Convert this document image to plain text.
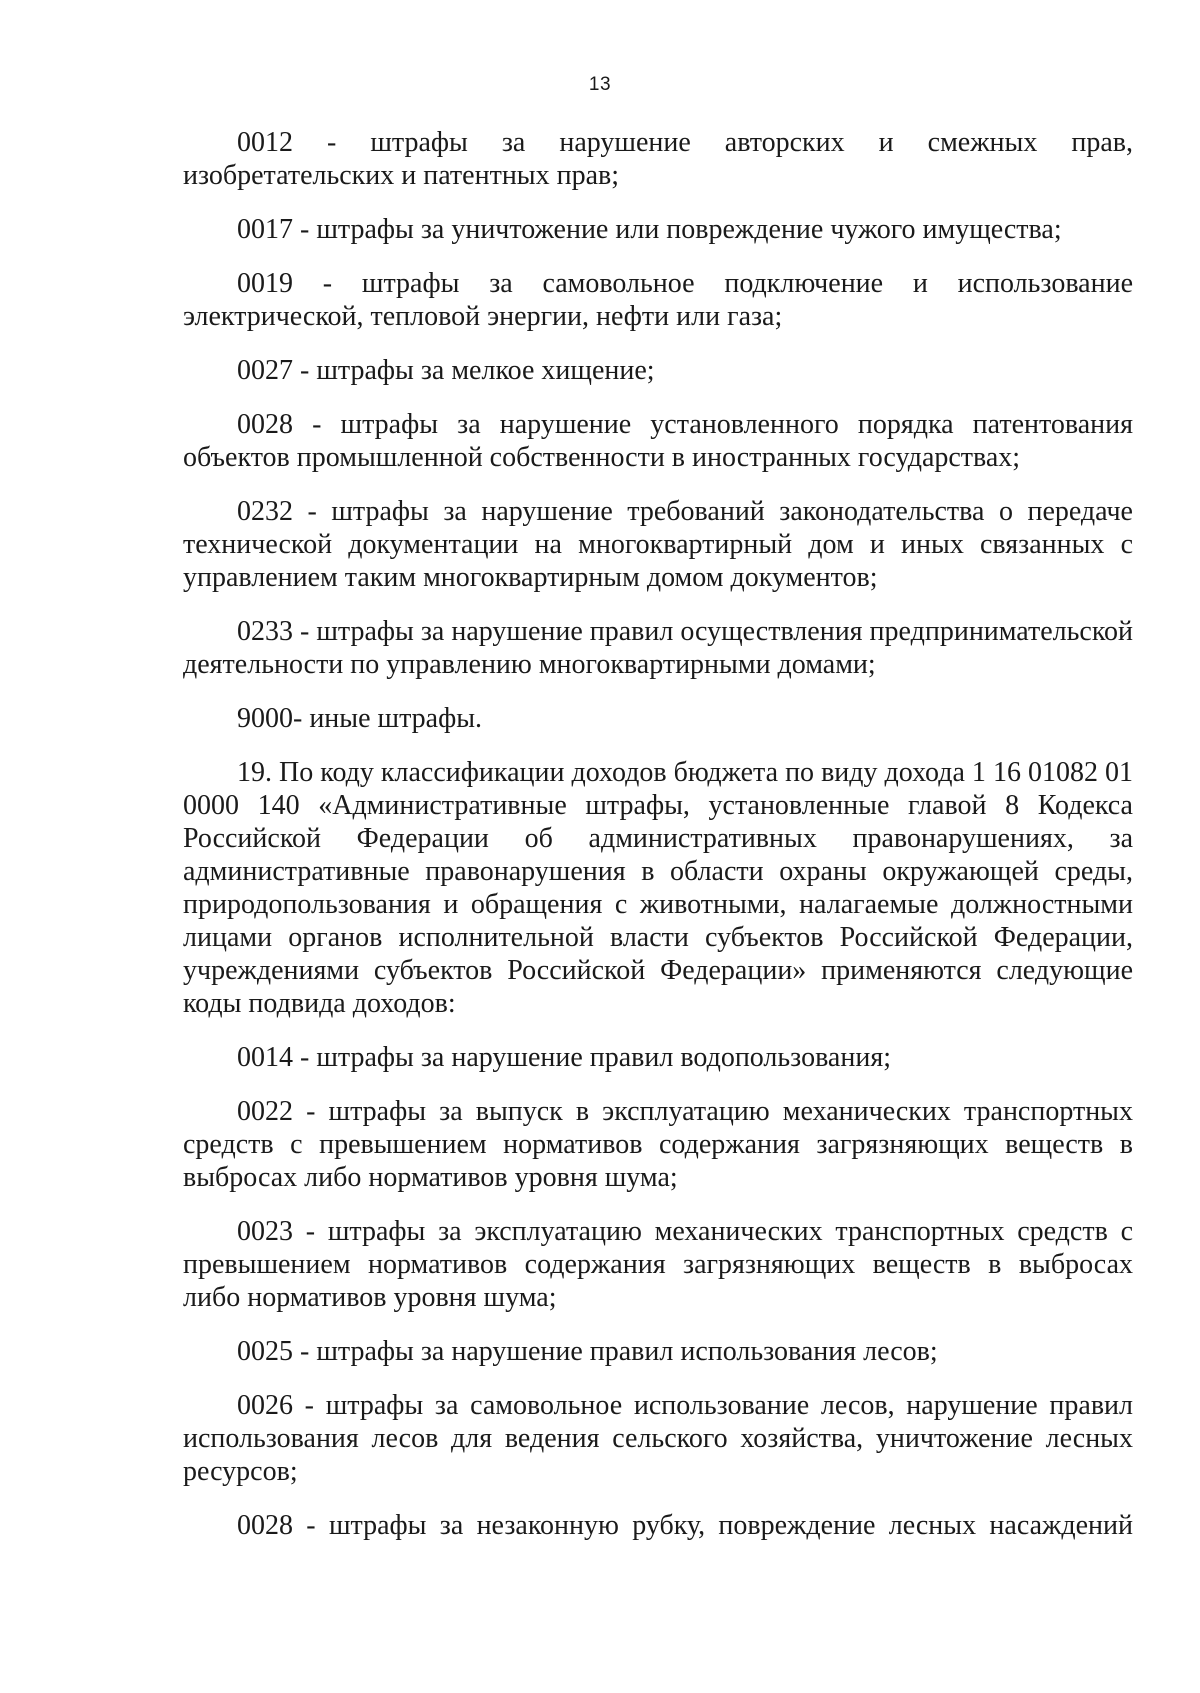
13

0012 - штрафы за нарушение авторских и смежных прав, изобретательских и патентных прав;

0017 - штрафы за уничтожение или повреждение чужого имущества;

0019 - штрафы за самовольное подключение и использование электрической, тепловой энергии, нефти или газа;

0027 - штрафы за мелкое хищение;

0028 - штрафы за нарушение установленного порядка патентования объектов промышленной собственности в иностранных государствах;

0232 - штрафы за нарушение требований законодательства о передаче технической документации на многоквартирный дом и иных связанных с управлением таким многоквартирным домом документов;

0233 - штрафы за нарушение правил осуществления предпринимательской деятельности по управлению многоквартирными домами;

9000- иные штрафы.

19. По коду классификации доходов бюджета по виду дохода 1 16 01082 01 0000 140 «Административные штрафы, установленные главой 8 Кодекса Российской Федерации об административных правонарушениях, за административные правонарушения в области охраны окружающей среды, природопользования и обращения с животными, налагаемые должностными лицами органов исполнительной власти субъектов Российской Федерации, учреждениями субъектов Российской Федерации» применяются следующие коды подвида доходов:

0014 - штрафы за нарушение правил водопользования;

0022 - штрафы за выпуск в эксплуатацию механических транспортных средств с превышением нормативов содержания загрязняющих веществ в выбросах либо нормативов уровня шума;

0023 - штрафы за эксплуатацию механических транспортных средств с превышением нормативов содержания загрязняющих веществ в выбросах либо нормативов уровня шума;

0025 - штрафы за нарушение правил использования лесов;

0026 - штрафы за самовольное использование лесов, нарушение правил использования лесов для ведения сельского хозяйства, уничтожение лесных ресурсов;

0028 - штрафы за незаконную рубку, повреждение лесных насаждений
